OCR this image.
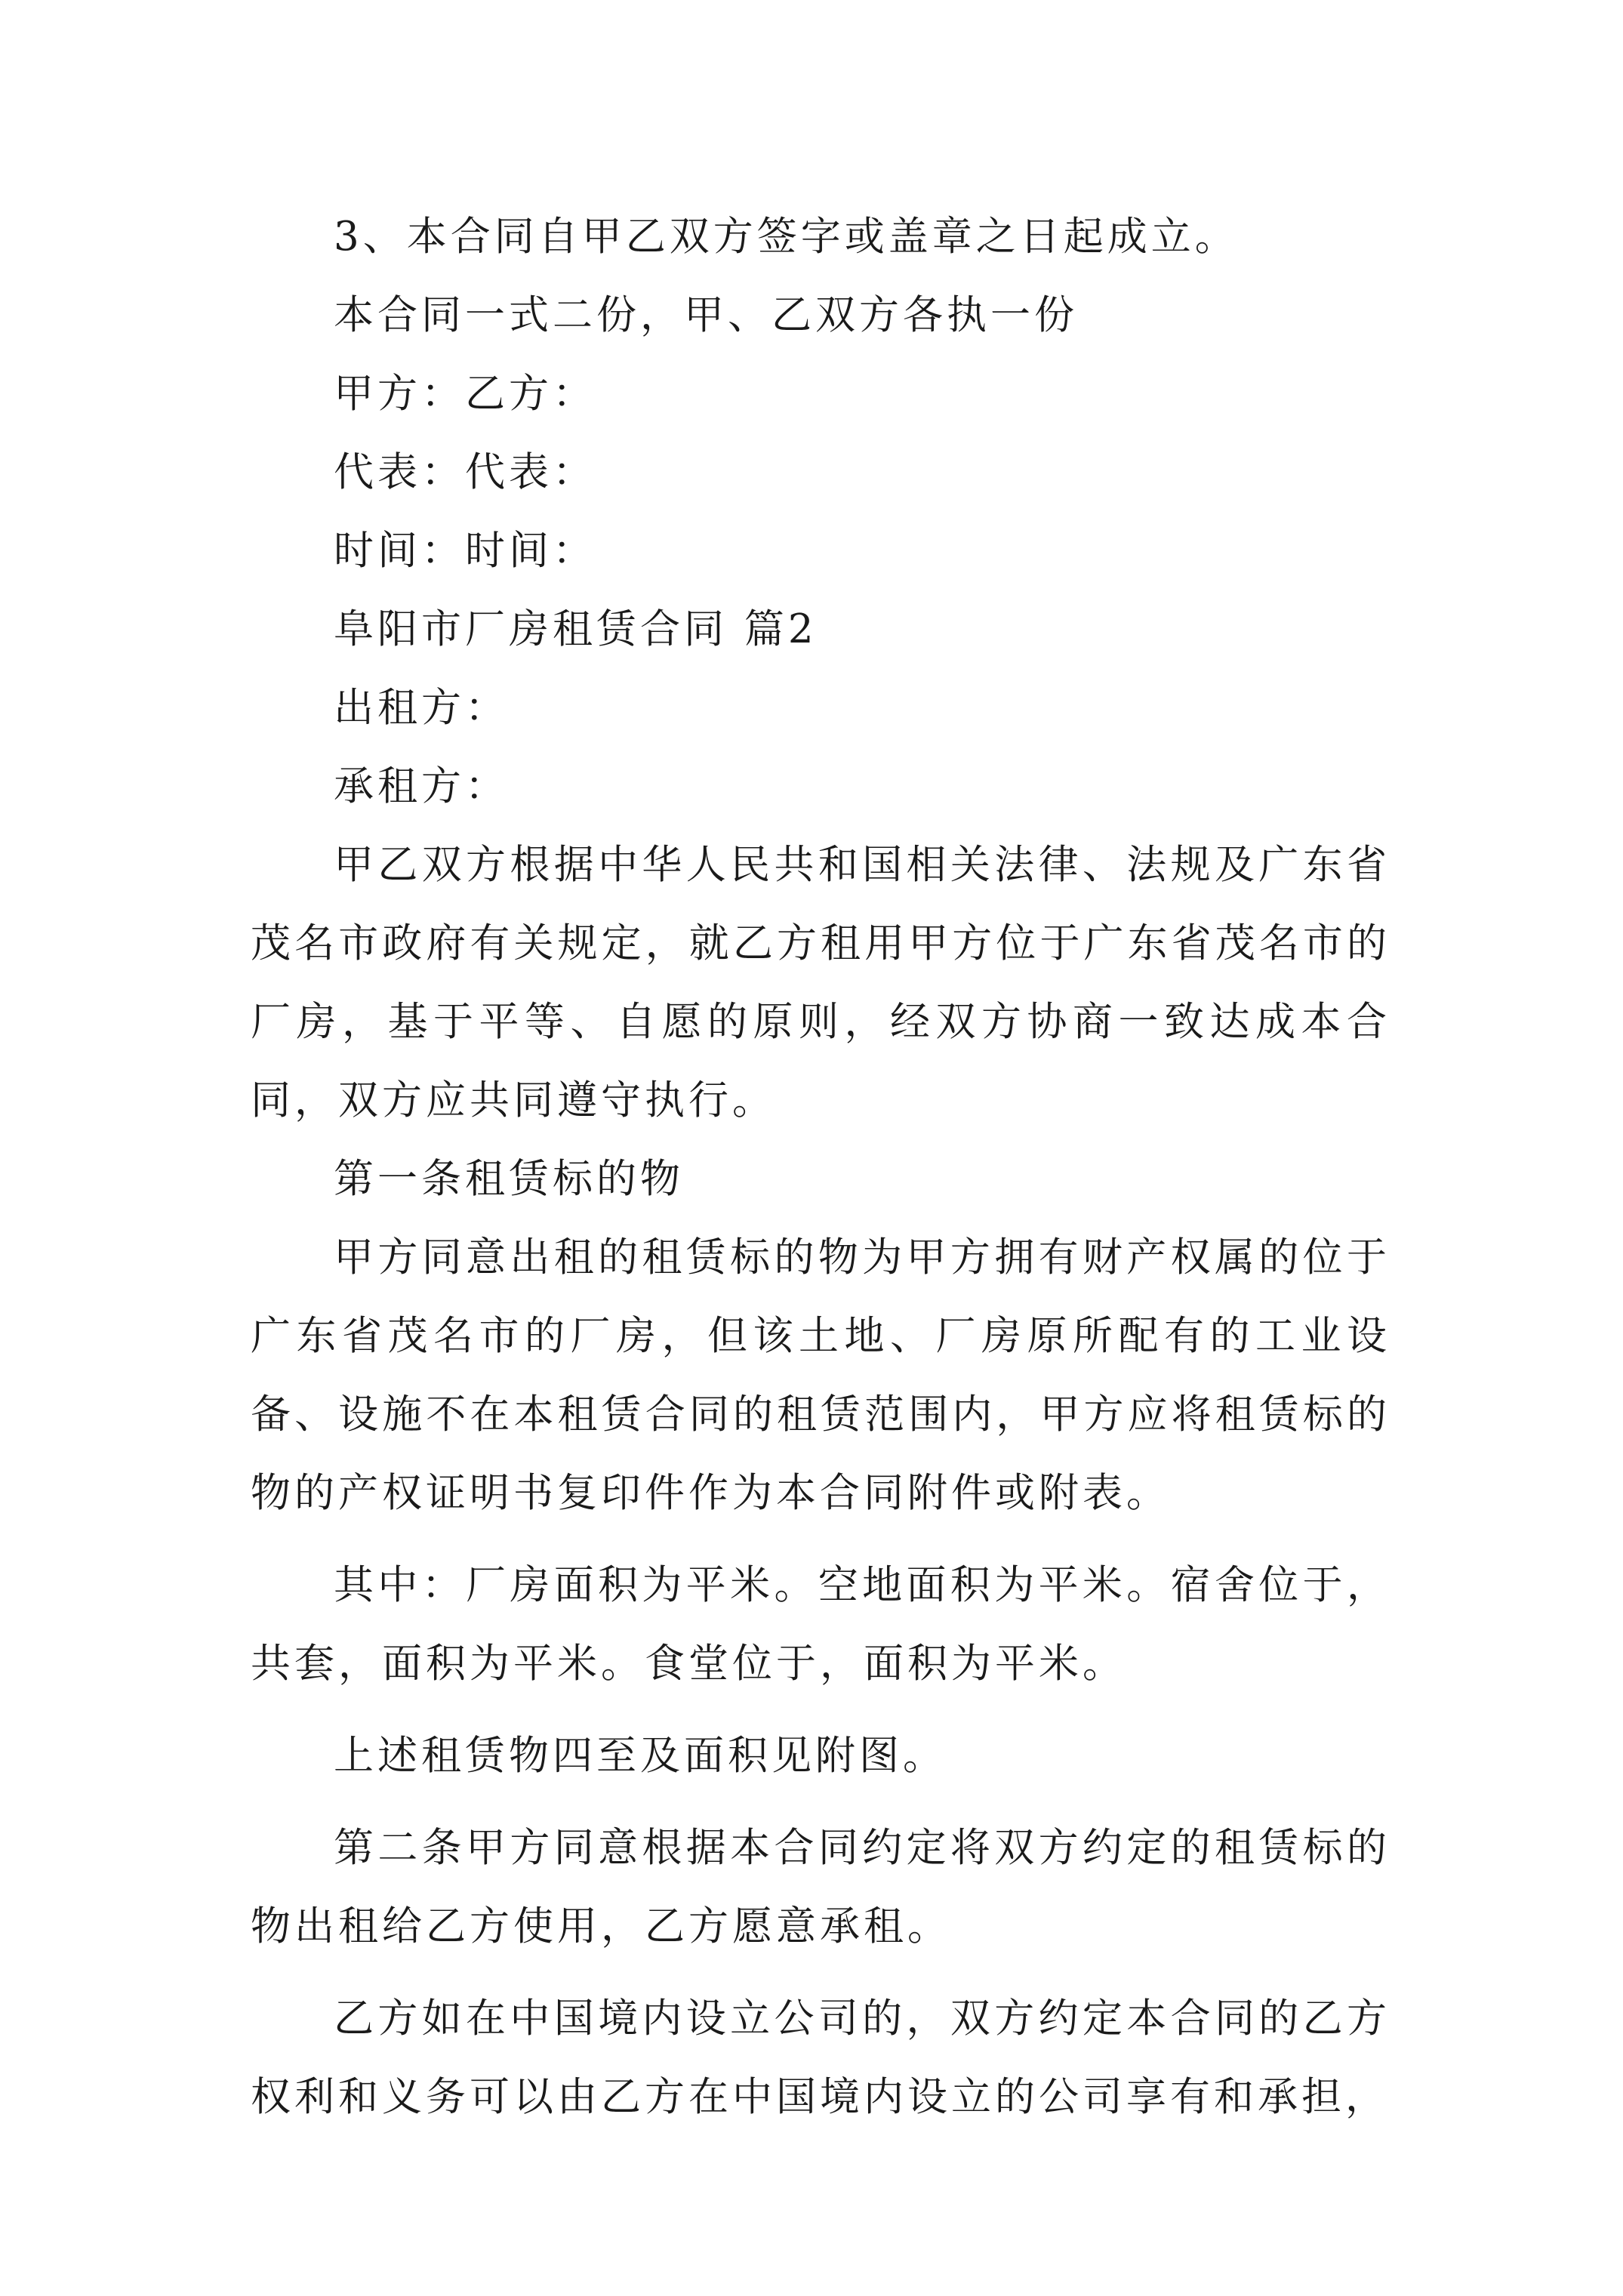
3、本合同自甲乙双方签字或盖章之日起成立。

本合同一式二份，甲、乙双方各执一份

甲方：乙方：

代表：代表：

时间：时间：

阜阳市厂房租赁合同 篇2

出租方：

承租方：

甲乙双方根据中华人民共和国相关法律、法规及广东省茂名市政府有关规定，就乙方租用甲方位于广东省茂名市的厂房，基于平等、自愿的原则，经双方协商一致达成本合同，双方应共同遵守执行。

第一条租赁标的物

甲方同意出租的租赁标的物为甲方拥有财产权属的位于广东省茂名市的厂房，但该土地、厂房原所配有的工业设备、设施不在本租赁合同的租赁范围内，甲方应将租赁标的物的产权证明书复印件作为本合同附件或附表。

其中：厂房面积为平米。空地面积为平米。宿舍位于，共套，面积为平米。食堂位于，面积为平米。

上述租赁物四至及面积见附图。

第二条甲方同意根据本合同约定将双方约定的租赁标的物出租给乙方使用，乙方愿意承租。

乙方如在中国境内设立公司的，双方约定本合同的乙方权利和义务可以由乙方在中国境内设立的公司享有和承担，
